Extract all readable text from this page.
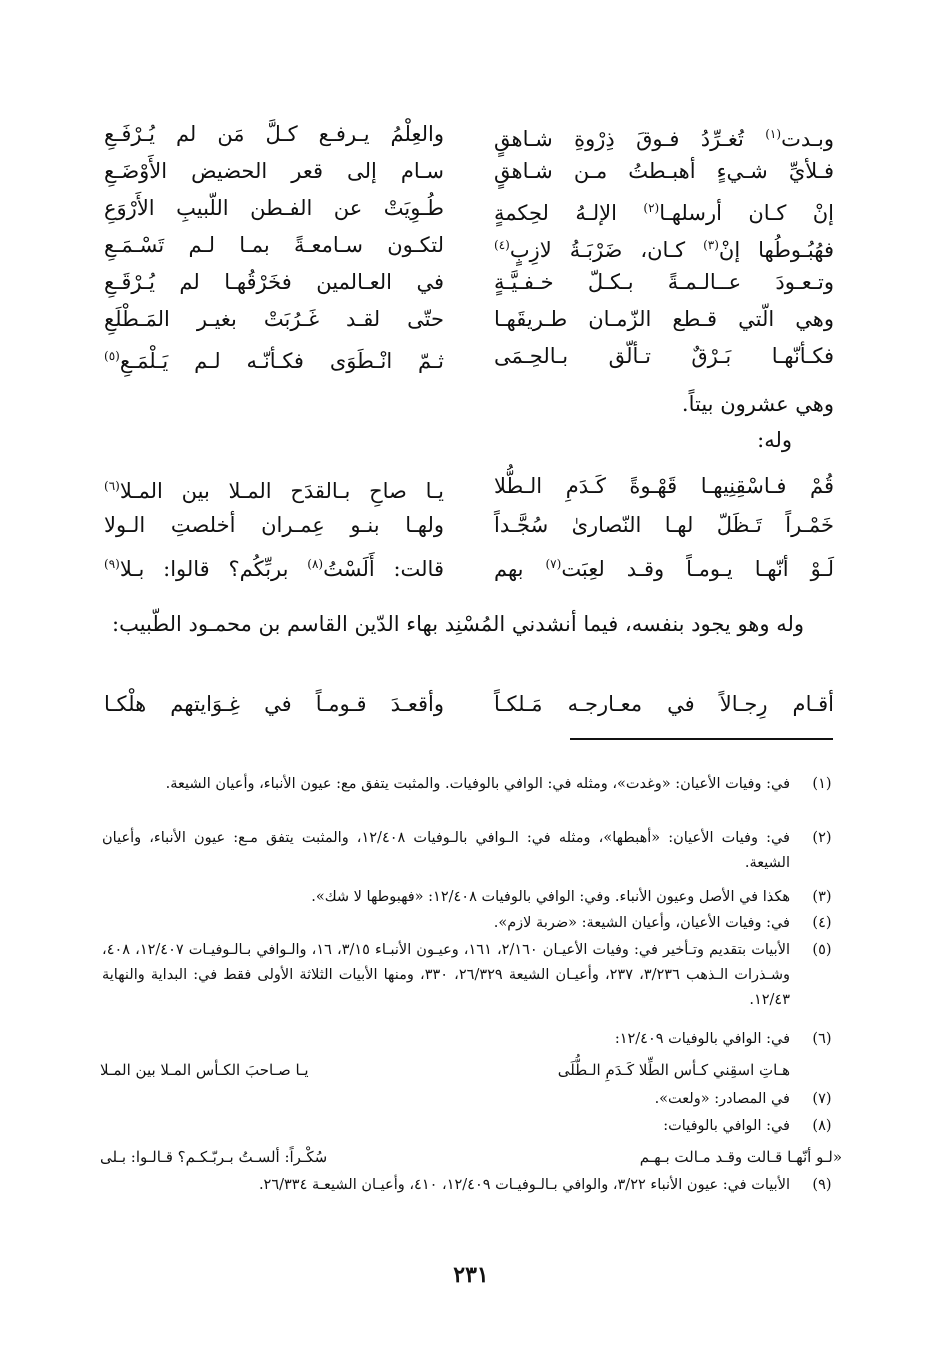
وبـدت$^{(١)}$ تُغـرِّدُ فـوقَ ذِرْوةِ شـاهقٍ
والعِلْمُ يـرفـع كـلَّ مَن لم يُـرْفَـعِ
فـلأيِّ شـيءٍ أهبـطتُ مـن شـاهقٍ
سـام إلى قعر الحضيض الأَوْضَـعِ
إنْ كـان أرسلهـا$^{(٢)}$ الإلـهُ لحِكمةٍ
طُـوِيَتْ عن الفـطن اللّبيبِ الأَرْوَعِ
فهُبُـوطُها إنْ$^{(٣)}$ كـان، ضَرْبَـةُ لازِبٍ$^{(٤)}$
لتكـون سـامعـةً بمـا لـم تَسْـمَـعِ
وتـعـودَ عــالـمـةً بـكـلّ خـفـيَّـةٍ
في العـالمين فخَرْقُهـا لم يُـرْقَـعِ
وهي الّتي قـطع الزّمـان طـريقَهـا
حتّى لقـد غَـرُبَتْ بغيـر المَـطْلَعِ
فكـأنّهـا بَـرْقٌ تـألّق بـالحِـمَى
ثـمّ انْـطَوَى فكـأنّـه لـم يَـلْمَـعِ$^{(٥)}$
وهي عشرون بيتاً.
وله:
قُمْ فـاسْقِنِيهـا قَهْـوةً كَـدَمِ الـطُّلا
يـا صاحِ بـالقدَح المـلا بين المـلا$^{(٦)}$
خَمْـراً تَـظَلّ لهـا النّصارىٰ سُجَّـداً
ولهـا بنـو عِمـران أخلصتِ الـولا
لَـوْ أنّهـا يـومـاً وقـد لعِبَت$^{(٧)}$ بهم
قالت: أَلَسْتُ$^{(٨)}$ بربِّكُم؟ قالوا: بـلا$^{(٩)}$
وله وهو يجود بنفسه، فيما أنشدني المُسْنِد بهاء الدّين القاسم بن محمـود الطّبيب:
أقـام رِجـالاً في معـارجـه مَـلكـاً
وأقعـدَ قـومـاً في غِـوَايتهم هلْكـا
(١)
في: وفيات الأعيان: «وغدت»، ومثله في: الوافي بالوفيات. والمثبت يتفق مع: عيون الأنباء، وأعيان الشيعة.
(٢)
في: وفيات الأعيان: «أهبطها»، ومثله في: الـوافي بالـوفيات ١٢/٤٠٨، والمثبت يتفق مـع: عيون الأنباء، وأعيان الشيعة.
(٣)
هكذا في الأصل وعيون الأنباء. وفي: الوافي بالوفيات ١٢/٤٠٨: «فهبوطها لا شك».
(٤)
في: وفيات الأعيان، وأعيان الشيعة: «ضربة لازم».
(٥)
الأبيات بتقديم وتـأخير في: وفيات الأعيـان ٢/١٦٠، ١٦١، وعيـون الأنبـاء ٣/١٥، ١٦، والـوافي بـالـوفيـات ١٢/٤٠٧، ٤٠٨، وشـذرات الـذهب ٣/٢٣٦، ٢٣٧، وأعيـان الشيعة ٢٦/٣٢٩، ٣٣٠، ومنها الأبيات الثلاثة الأولى فقط في: البداية والنهاية ١٢/٤٣.
(٦)
في: الوافي بالوفيات ١٢/٤٠٩:
هـاتِ اسقِني كـأس الطِّلا كَـدَمِ الـطُّلَى
يـا صـاحبَ الكـأس المـلا بين المـلا
(٧)
في المصادر: «ولعت».
(٨)
في: الوافي بالوفيات:
«لـو أنّهـا قـالت وقـد مـالت بـهـم
سُكْـراً: ألسـتُ بـربّـكـم؟ قـالـوا: بـلى
(٩)
الأبيات في: عيون الأنباء ٣/٢٢، والوافي بـالـوفيـات ١٢/٤٠٩، ٤١٠، وأعيـان الشيعـة ٢٦/٣٣٤.
٢٣١
